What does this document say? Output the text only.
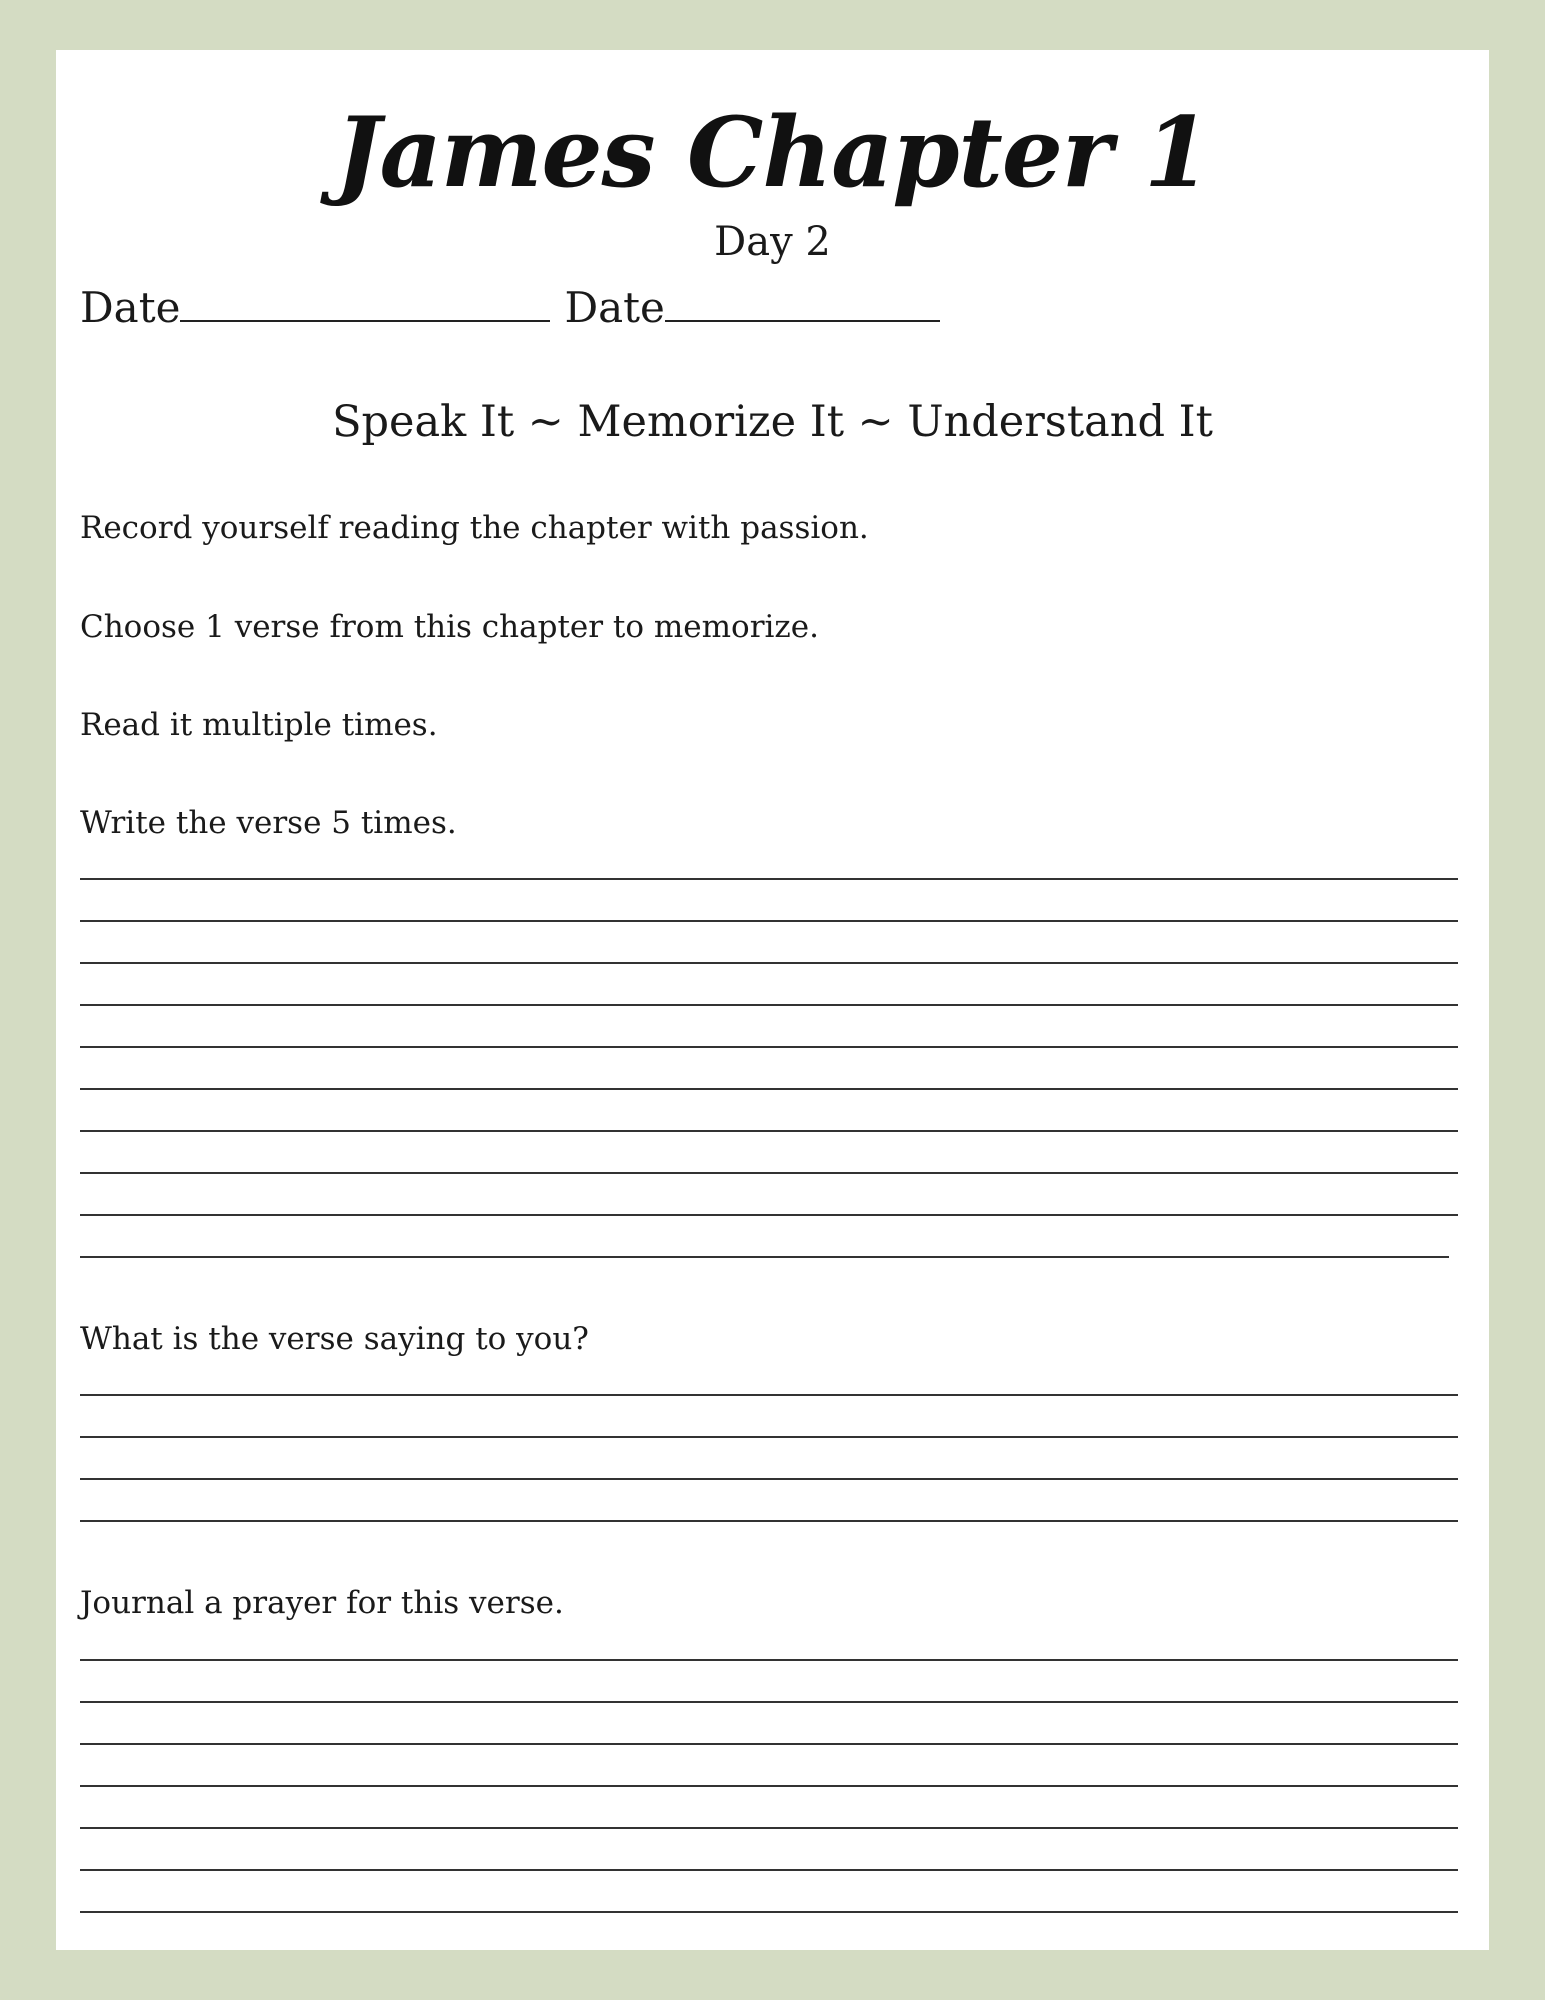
James Chapter 1
Day 2
Date	Date
Speak It ~ Memorize It ~ Understand It
Record yourself reading the chapter with passion.
Choose 1 verse from this chapter to memorize.
Read it multiple times.
Write the verse 5 times.
What is the verse saying to you?
Journal a prayer for this verse.
